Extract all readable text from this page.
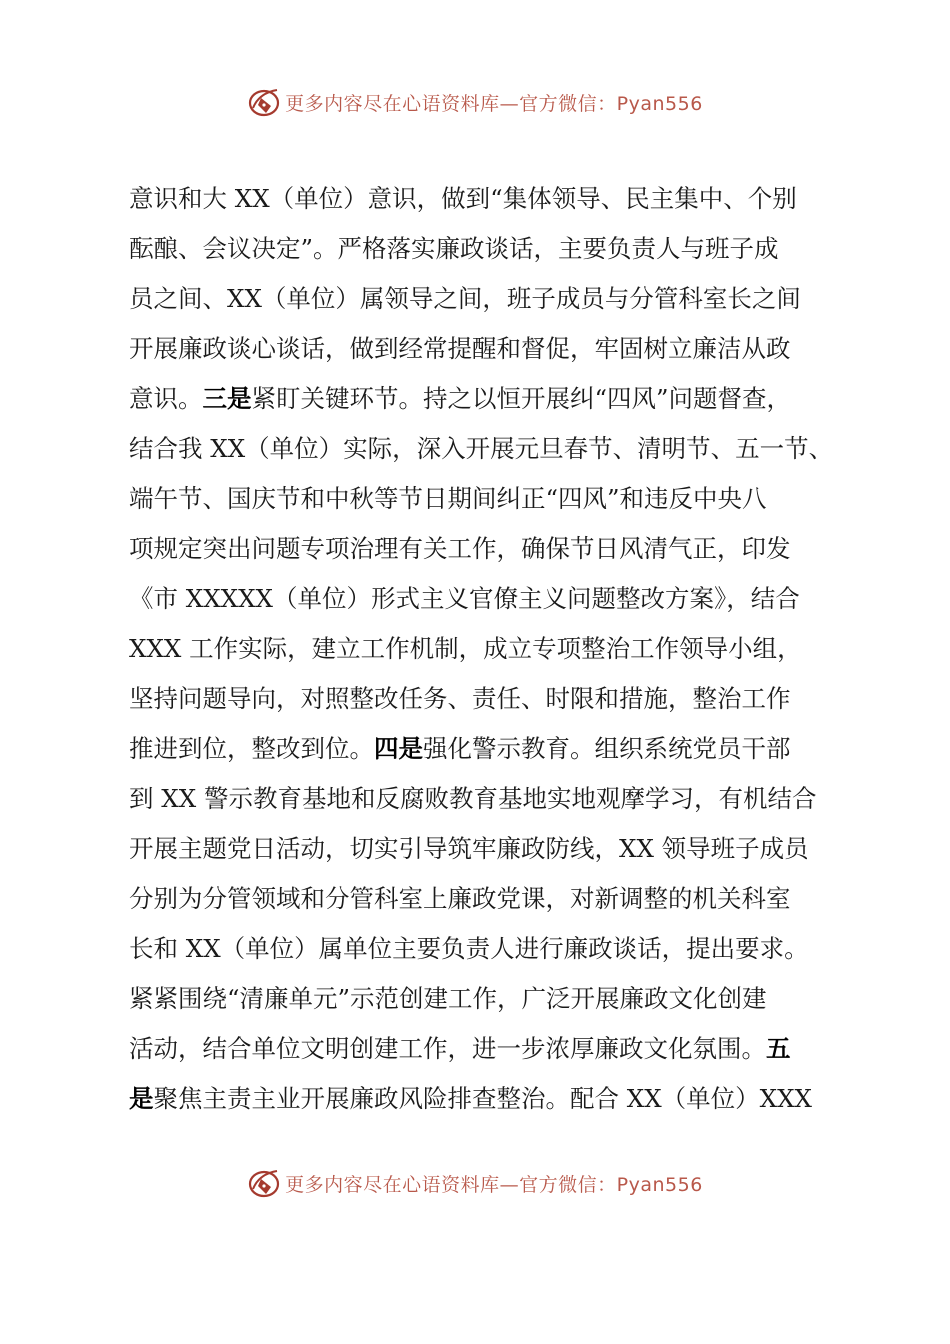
更多内容尽在心语资料库—官方微信：Pyan556
意识和大 XX（单位）意识，做到“集体领导、民主集中、个别
酝酿、会议决定”。严格落实廉政谈话，主要负责人与班子成
员之间、XX（单位）属领导之间，班子成员与分管科室长之间
开展廉政谈心谈话，做到经常提醒和督促，牢固树立廉洁从政
意识。三是紧盯关键环节。持之以恒开展纠“四风”问题督查，
结合我 XX（单位）实际，深入开展元旦春节、清明节、五一节、
端午节、国庆节和中秋等节日期间纠正“四风”和违反中央八
项规定突出问题专项治理有关工作，确保节日风清气正，印发
《市 XXXXX（单位）形式主义官僚主义问题整改方案》，结合
XXX 工作实际，建立工作机制，成立专项整治工作领导小组，
坚持问题导向，对照整改任务、责任、时限和措施，整治工作
推进到位，整改到位。四是强化警示教育。组织系统党员干部
到 XX 警示教育基地和反腐败教育基地实地观摩学习，有机结合
开展主题党日活动，切实引导筑牢廉政防线，XX 领导班子成员
分别为分管领域和分管科室上廉政党课，对新调整的机关科室
长和 XX（单位）属单位主要负责人进行廉政谈话，提出要求。
紧紧围绕“清廉单元”示范创建工作，广泛开展廉政文化创建
活动，结合单位文明创建工作，进一步浓厚廉政文化氛围。五
是聚焦主责主业开展廉政风险排查整治。配合 XX（单位）XXX
更多内容尽在心语资料库—官方微信：Pyan556
